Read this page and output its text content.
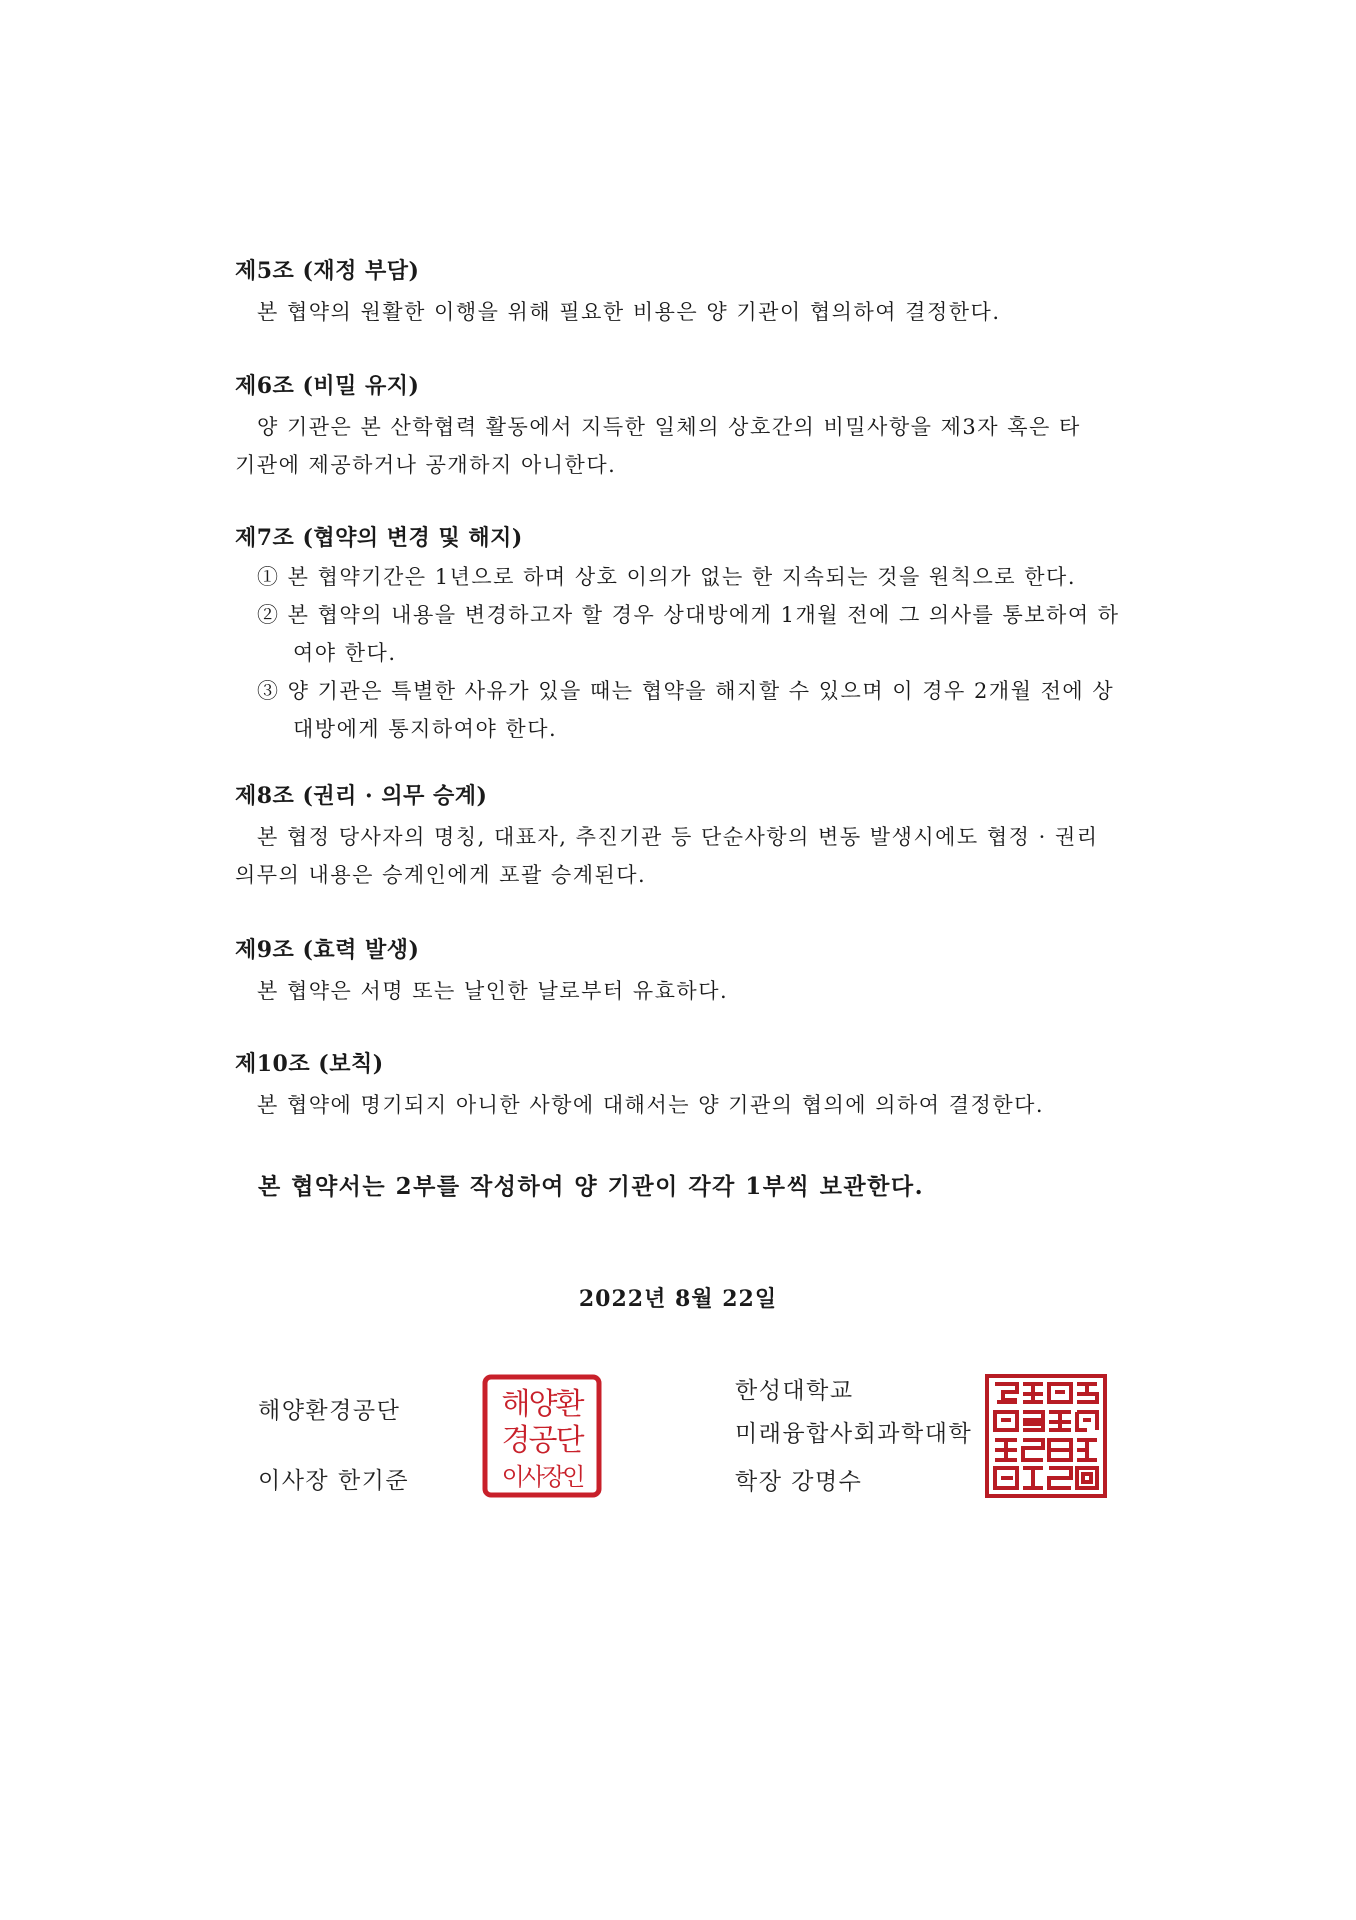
제5조 (재정 부담)

본 협약의 원활한 이행을 위해 필요한 비용은 양 기관이 협의하여 결정한다.

제6조 (비밀 유지)

양 기관은 본 산학협력 활동에서 지득한 일체의 상호간의 비밀사항을 제3자 혹은 타

기관에 제공하거나 공개하지 아니한다.

제7조 (협약의 변경 및 해지)

① 본 협약기간은 1년으로 하며 상호 이의가 없는 한 지속되는 것을 원칙으로 한다.

② 본 협약의 내용을 변경하고자 할 경우 상대방에게 1개월 전에 그 의사를 통보하여 하여야 한다.

③ 양 기관은 특별한 사유가 있을 때는 협약을 해지할 수 있으며 이 경우 2개월 전에 상대방에게 통지하여야 한다.

제8조 (권리 · 의무 승계)

본 협정 당사자의 명칭, 대표자, 추진기관 등 단순사항의 변동 발생시에도 협정 · 권리

의무의 내용은 승계인에게 포괄 승계된다.

제9조 (효력 발생)

본 협약은 서명 또는 날인한 날로부터 유효하다.

제10조 (보칙)

본 협약에 명기되지 아니한 사항에 대해서는 양 기관의 협의에 의하여 결정한다.

본 협약서는 2부를 작성하여 양 기관이 각각 1부씩 보관한다.
2022년 8월 22일
해양환경공단
이사장 한기준
해양환
경공단
이사장인
한성대학교
미래융합사회과학대학
학장 강명수
